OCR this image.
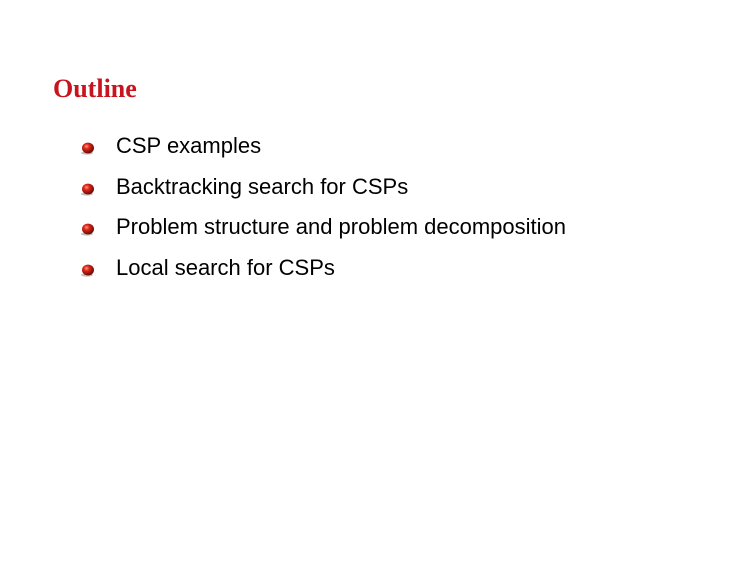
Outline
CSP examples
Backtracking search for CSPs
Problem structure and problem decomposition
Local search for CSPs
